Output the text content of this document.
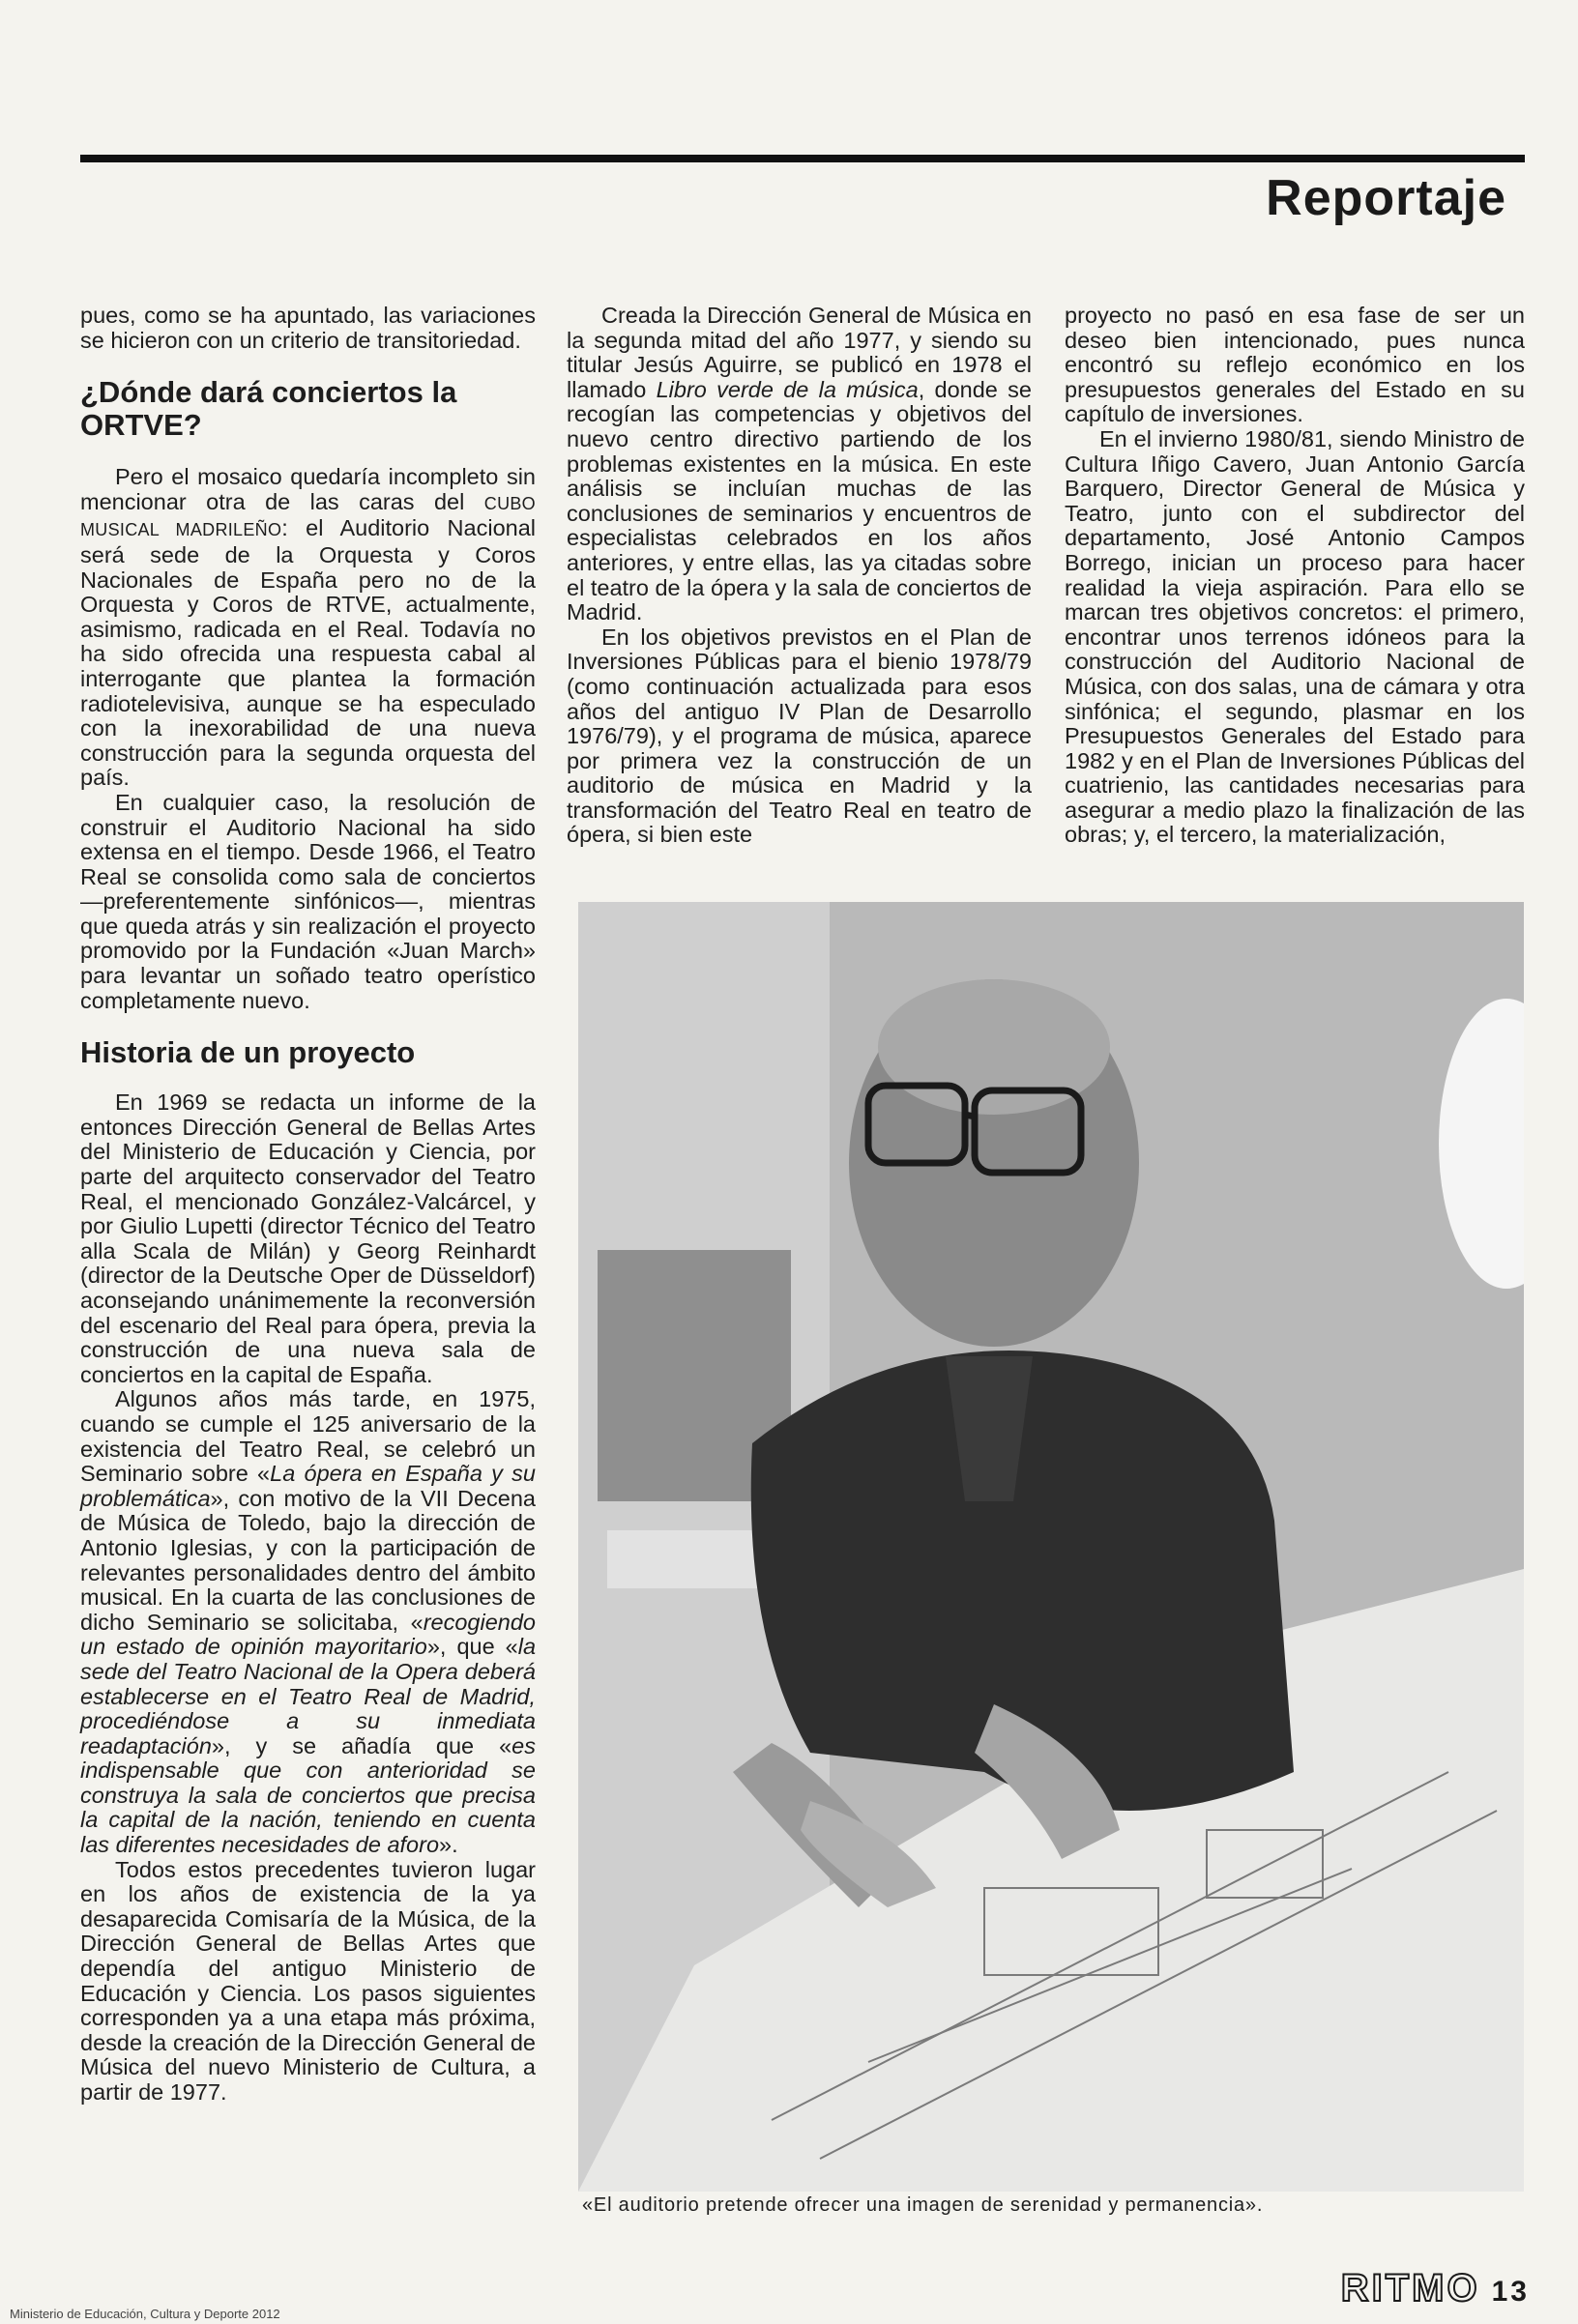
Reportaje

pues, como se ha apuntado, las variaciones se hicieron con un criterio de transitoriedad.

¿Dónde dará conciertos la ORTVE?

Pero el mosaico quedaría incompleto sin mencionar otra de las caras del CUBO MUSICAL MADRILEÑO: el Auditorio Nacional será sede de la Orquesta y Coros Nacionales de España pero no de la Orquesta y Coros de RTVE, actualmente, asimismo, radicada en el Real. Todavía no ha sido ofrecida una respuesta cabal al interrogante que plantea la formación radiotelevisiva, aunque se ha especulado con la inexorabilidad de una nueva construcción para la segunda orquesta del país.

En cualquier caso, la resolución de construir el Auditorio Nacional ha sido extensa en el tiempo. Desde 1966, el Teatro Real se consolida como sala de conciertos —preferentemente sinfónicos—, mientras que queda atrás y sin realización el proyecto promovido por la Fundación «Juan March» para levantar un soñado teatro operístico completamente nuevo.

Historia de un proyecto

En 1969 se redacta un informe de la entonces Dirección General de Bellas Artes del Ministerio de Educación y Ciencia, por parte del arquitecto conservador del Teatro Real, el mencionado González-Valcárcel, y por Giulio Lupetti (director Técnico del Teatro alla Scala de Milán) y Georg Reinhardt (director de la Deutsche Oper de Düsseldorf) aconsejando unánimemente la reconversión del escenario del Real para ópera, previa la construcción de una nueva sala de conciertos en la capital de España.

Algunos años más tarde, en 1975, cuando se cumple el 125 aniversario de la existencia del Teatro Real, se celebró un Seminario sobre «La ópera en España y su problemática», con motivo de la VII Decena de Música de Toledo, bajo la dirección de Antonio Iglesias, y con la participación de relevantes personalidades dentro del ámbito musical. En la cuarta de las conclusiones de dicho Seminario se solicitaba, «recogiendo un estado de opinión mayoritario», que «la sede del Teatro Nacional de la Opera deberá establecerse en el Teatro Real de Madrid, procediéndose a su inmediata readaptación», y se añadía que «es indispensable que con anterioridad se construya la sala de conciertos que precisa la capital de la nación, teniendo en cuenta las diferentes necesidades de aforo».

Todos estos precedentes tuvieron lugar en los años de existencia de la ya desaparecida Comisaría de la Música, de la Dirección General de Bellas Artes que dependía del antiguo Ministerio de Educación y Ciencia. Los pasos siguientes corresponden ya a una etapa más próxima, desde la creación de la Dirección General de Música del nuevo Ministerio de Cultura, a partir de 1977.

Creada la Dirección General de Música en la segunda mitad del año 1977, y siendo su titular Jesús Aguirre, se publicó en 1978 el llamado Libro verde de la música, donde se recogían las competencias y objetivos del nuevo centro directivo partiendo de los problemas existentes en la música. En este análisis se incluían muchas de las conclusiones de seminarios y encuentros de especialistas celebrados en los años anteriores, y entre ellas, las ya citadas sobre el teatro de la ópera y la sala de conciertos de Madrid.

En los objetivos previstos en el Plan de Inversiones Públicas para el bienio 1978/79 (como continuación actualizada para esos años del antiguo IV Plan de Desarrollo 1976/79), y el programa de música, aparece por primera vez la construcción de un auditorio de música en Madrid y la transformación del Teatro Real en teatro de ópera, si bien este

proyecto no pasó en esa fase de ser un deseo bien intencionado, pues nunca encontró su reflejo económico en los presupuestos generales del Estado en su capítulo de inversiones.

En el invierno 1980/81, siendo Ministro de Cultura Iñigo Cavero, Juan Antonio García Barquero, Director General de Música y Teatro, junto con el subdirector del departamento, José Antonio Campos Borrego, inician un proceso para hacer realidad la vieja aspiración. Para ello se marcan tres objetivos concretos: el primero, encontrar unos terrenos idóneos para la construcción del Auditorio Nacional de Música, con dos salas, una de cámara y otra sinfónica; el segundo, plasmar en los Presupuestos Generales del Estado para 1982 y en el Plan de Inversiones Públicas del cuatrienio, las cantidades necesarias para asegurar a medio plazo la finalización de las obras; y, el tercero, la materialización,

«El auditorio pretende ofrecer una imagen de serenidad y permanencia».
RITMO 13
Ministerio de Educación, Cultura y Deporte 2012
